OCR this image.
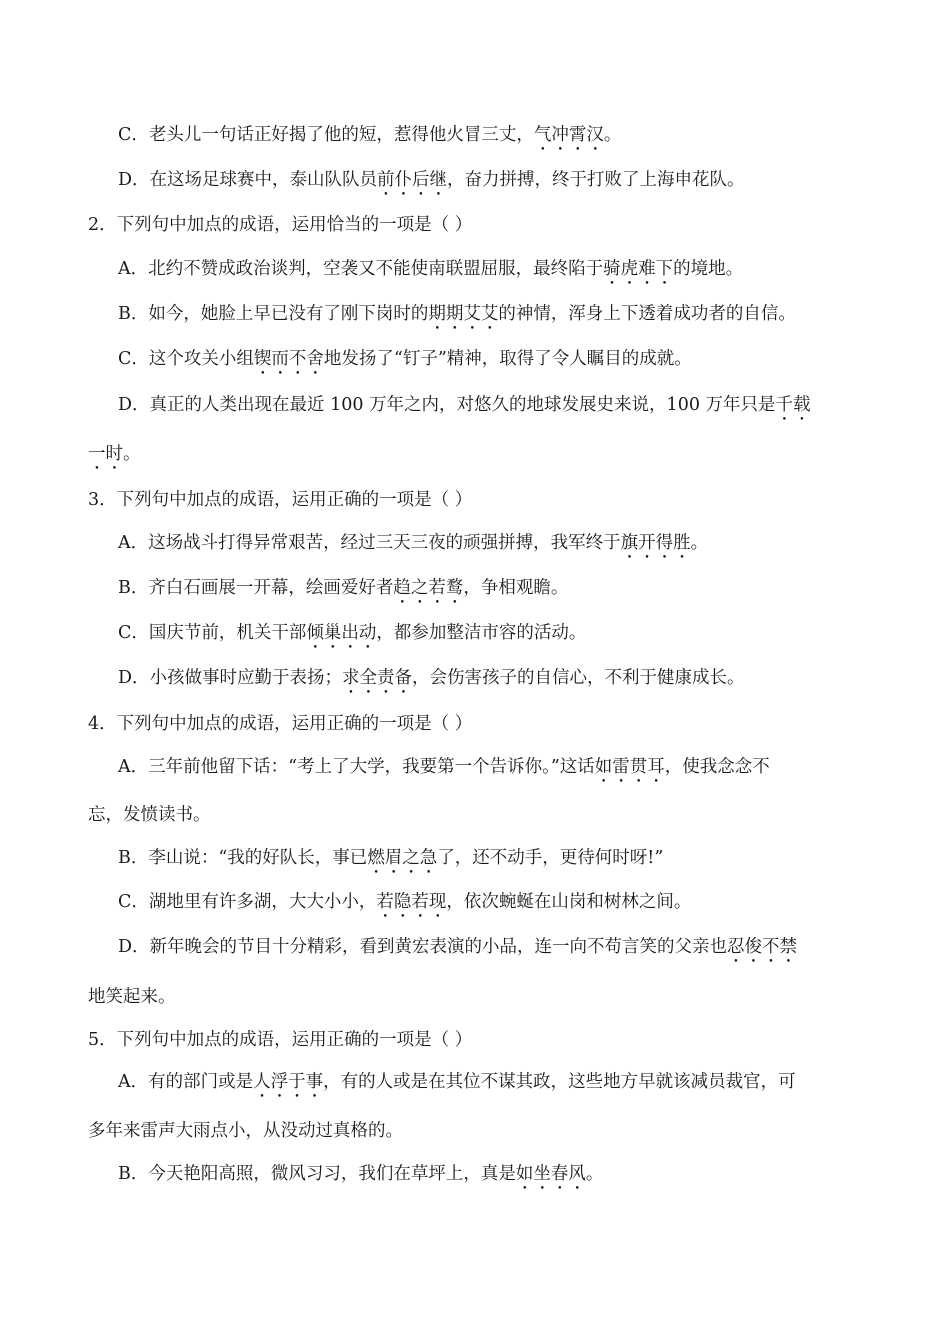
C．老头儿一句话正好揭了他的短，惹得他火冒三丈，气冲霄汉。
D．在这场足球赛中，泰山队队员前仆后继，奋力拼搏，终于打败了上海申花队。
2．下列句中加点的成语，运用恰当的一项是（ ）
A．北约不赞成政治谈判，空袭又不能使南联盟屈服，最终陷于骑虎难下的境地。
B．如今，她脸上早已没有了刚下岗时的期期艾艾的神情，浑身上下透着成功者的自信。
C．这个攻关小组锲而不舍地发扬了“钉子”精神，取得了令人瞩目的成就。
D．真正的人类出现在最近 100 万年之内，对悠久的地球发展史来说，100 万年只是千载
一时。
3．下列句中加点的成语，运用正确的一项是（ ）
A．这场战斗打得异常艰苦，经过三天三夜的顽强拼搏，我军终于旗开得胜。
B．齐白石画展一开幕，绘画爱好者趋之若鹜，争相观瞻。
C．国庆节前，机关干部倾巢出动，都参加整洁市容的活动。
D．小孩做事时应勤于表扬；求全责备，会伤害孩子的自信心，不利于健康成长。
4．下列句中加点的成语，运用正确的一项是（ ）
A．三年前他留下话：“考上了大学，我要第一个告诉你。”这话如雷贯耳，使我念念不
忘，发愤读书。
B．李山说：“我的好队长，事已燃眉之急了，还不动手，更待何时呀!”
C．湖地里有许多湖，大大小小，若隐若现，依次蜿蜒在山岗和树林之间。
D．新年晚会的节目十分精彩，看到黄宏表演的小品，连一向不苟言笑的父亲也忍俊不禁
地笑起来。
5．下列句中加点的成语，运用正确的一项是（ ）
A．有的部门或是人浮于事，有的人或是在其位不谋其政，这些地方早就该减员裁官，可
多年来雷声大雨点小，从没动过真格的。
B．今天艳阳高照，微风习习，我们在草坪上，真是如坐春风。
